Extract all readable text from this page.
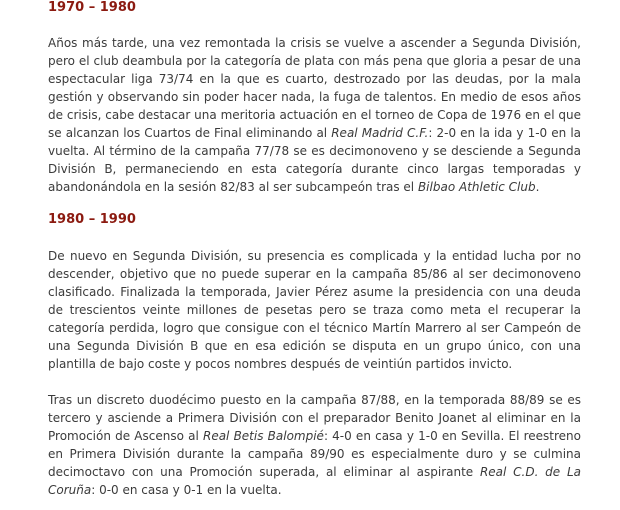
1970 – 1980

Años más tarde, una vez remontada la crisis se vuelve a ascender a Segunda División, pero el club deambula por la categoría de plata con más pena que gloria a pesar de una espectacular liga 73/74 en la que es cuarto, destrozado por las deudas, por la mala gestión y observando sin poder hacer nada, la fuga de talentos. En medio de esos años de crisis, cabe destacar una meritoria actuación en el torneo de Copa de 1976 en el que se alcanzan los Cuartos de Final eliminando al Real Madrid C.F.: 2-0 en la ida y 1-0 en la vuelta. Al término de la campaña 77/78 se es decimonoveno y se desciende a Segunda División B, permaneciendo en esta categoría durante cinco largas temporadas y abandonándola en la sesión 82/83 al ser subcampeón tras el Bilbao Athletic Club.

1980 – 1990

De nuevo en Segunda División, su presencia es complicada y la entidad lucha por no descender, objetivo que no puede superar en la campaña 85/86 al ser decimonoveno clasificado. Finalizada la temporada, Javier Pérez asume la presidencia con una deuda de trescientos veinte millones de pesetas pero se traza como meta el recuperar la categoría perdida, logro que consigue con el técnico Martín Marrero al ser Campeón de una Segunda División B que en esa edición se disputa en un grupo único, con una plantilla de bajo coste y pocos nombres después de veintiún partidos invicto.

Tras un discreto duodécimo puesto en la campaña 87/88, en la temporada 88/89 se es tercero y asciende a Primera División con el preparador Benito Joanet al eliminar en la Promoción de Ascenso al Real Betis Balompié: 4-0 en casa y 1-0 en Sevilla. El reestreno en Primera División durante la campaña 89/90 es especialmente duro y se culmina decimoctavo con una Promoción superada, al eliminar al aspirante Real C.D. de La Coruña: 0-0 en casa y 0-1 en la vuelta.
